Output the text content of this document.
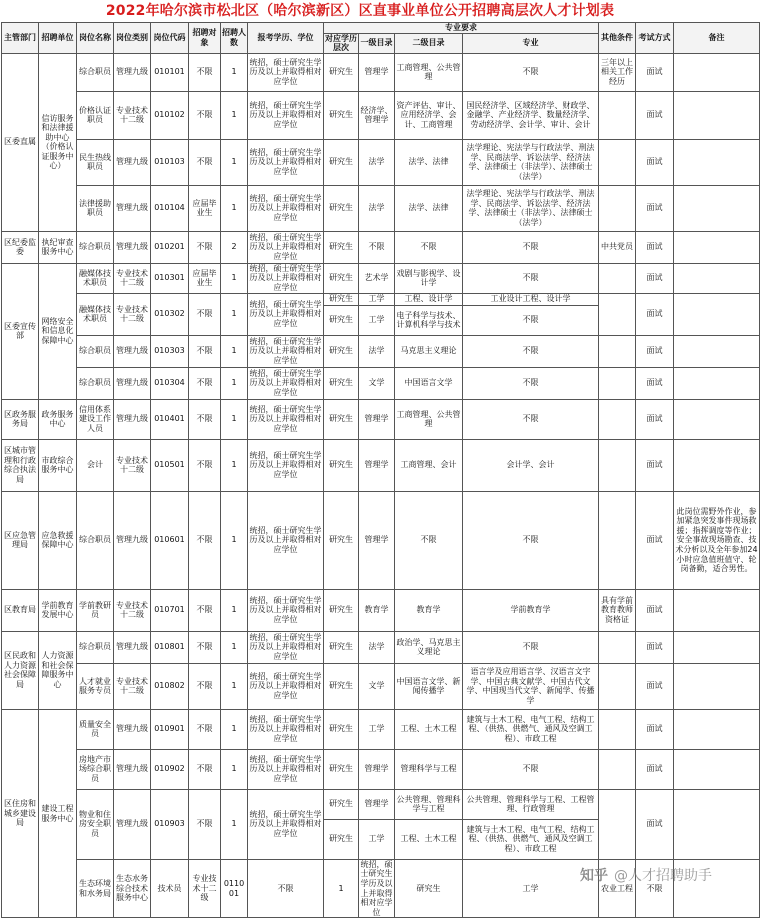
2022年哈尔滨市松北区（哈尔滨新区）区直事业单位公开招聘高层次人才计划表
主管部门	招聘单位	岗位名称	岗位类别	岗位代码	招聘对象	招聘人数	报考学历、学位	专业要求				其他条件	考试方式	备注	
								对应学历层次	一级目录	二级目录	专业				
区委直属	信访服务和法律援助中心（价格认证服务中心）	综合职员	管理九级	010101	不限	1	统招，硕士研究生学历及以上并取得相对应学位	研究生	管理学	工商管理、公共管理	不限	三年以上相关工作经历	面试		
		价格认证职员	专业技术十二级	010102	不限	1	统招，硕士研究生学历及以上并取得相对应学位	研究生	经济学、管理学	资产评估、审计、应用经济学、会计、工商管理	国民经济学、区域经济学、财政学、金融学、产业经济学、数量经济学、劳动经济学、会计学、审计、会计		面试		
		民生热线职员	管理九级	010103	不限	1	统招，硕士研究生学历及以上并取得相对应学位	研究生	法学	法学、法律	法学理论、宪法学与行政法学、刑法学、民商法学、诉讼法学、经济法学、法律硕士（非法学）、法律硕士（法学）		面试		
		法律援助职员	管理九级	010104	应届毕业生	1	统招，硕士研究生学历及以上并取得相对应学位	研究生	法学	法学、法律	法学理论、宪法学与行政法学、刑法学、民商法学、诉讼法学、经济法学、法律硕士（非法学）、法律硕士（法学）		面试		
区纪委监委	执纪审查服务中心	综合职员	管理九级	010201	不限	2	统招，硕士研究生学历及以上并取得相对应学位	研究生	不限	不限	不限	中共党员	面试		
区委宣传部	网络安全和信息化保障中心	融媒体技术职员	专业技术十二级	010301	应届毕业生	1	统招，硕士研究生学历及以上并取得相对应学位	研究生	艺术学	戏剧与影视学、设计学	不限		面试		
		融媒体技术职员	专业技术十二级	010302	不限	1	统招，硕士研究生学历及以上并取得相对应学位	研究生	工学	工程、设计学	工业设计工程、设计学		面试		
								研究生	工学	电子科学与技术、计算机科学与技术	不限				
		综合职员	管理九级	010303	不限	1	统招，硕士研究生学历及以上并取得相对应学位	研究生	法学	马克思主义理论	不限		面试		
		综合职员	管理九级	010304	不限	1	统招，硕士研究生学历及以上并取得相对应学位	研究生	文学	中国语言文学	不限		面试		
区政务服务局	政务服务中心	信用体系建设工作人员	管理九级	010401	不限	1	统招，硕士研究生学历及以上并取得相对应学位	研究生	管理学	工商管理、公共管理	不限		面试		
区城市管理和行政综合执法局	市政综合服务中心	会计	专业技术十二级	010501	不限	1	统招，硕士研究生学历及以上并取得相对应学位	研究生	管理学	工商管理、会计	会计学、会计		面试		
区应急管理局	应急救援保障中心	综合职员	管理九级	010601	不限	1	统招，硕士研究生学历及以上并取得相对应学位	研究生	管理学	不限	不限		面试	此岗位需野外作业，参加紧急突发事件现场救援；指挥调度等作业；安全事故现场勘查、技术分析以及全年参加24小时应急值班值守、轮岗备勤，适合男性。	
区教育局	学前教育发展中心	学前教研员	专业技术十二级	010701	不限	1	统招，硕士研究生学历及以上并取得相对应学位	研究生	教育学	教育学	学前教育学	具有学前教育教师资格证	面试		
区民政和人力资源社会保障局	人力资源和社会保障服务中心	综合职员	管理九级	010801	不限	1	统招，硕士研究生学历及以上并取得相对应学位	研究生	法学	政治学、马克思主义理论	不限		面试		
		人才就业服务专员	专业技术十二级	010802	不限	1	统招，硕士研究生学历及以上并取得相对应学位	研究生	文学	中国语言文学、新闻传播学	语言学及应用语言学、汉语言文字学、中国古典文献学、中国古代文学、中国现当代文学、新闻学、传播学		面试		
区住房和城乡建设局	建设工程服务中心	质量安全员	管理九级	010901	不限	1	统招，硕士研究生学历及以上并取得相对应学位	研究生	工学	工程、土木工程	建筑与土木工程、电气工程、结构工程、（供热、供燃气、通风及空调工程）、市政工程		面试		
		房地产市场综合职员	管理九级	010902	不限	1	统招，硕士研究生学历及以上并取得相对应学位	研究生	管理学	管理科学与工程	不限		面试		
		物业和住房安全职员	管理九级	010903	不限	1	统招，硕士研究生学历及以上并取得相对应学位	研究生	管理学	公共管理、管理科学与工程	公共管理、管理科学与工程、工程管理、行政管理		面试		
								研究生	工学	工程、土木工程	建筑与土木工程、电气工程、结构工程、（供热、供燃气、通风及空调工程）、市政工程				
		生态环境和水务局	生态水务综合技术服务中心	技术员	专业技术十二级	011001	不限	1	统招，硕士研究生学历及以上并取得相对应学位	研究生	工学	农业工程	不限			
知乎 @人才招聘助手
